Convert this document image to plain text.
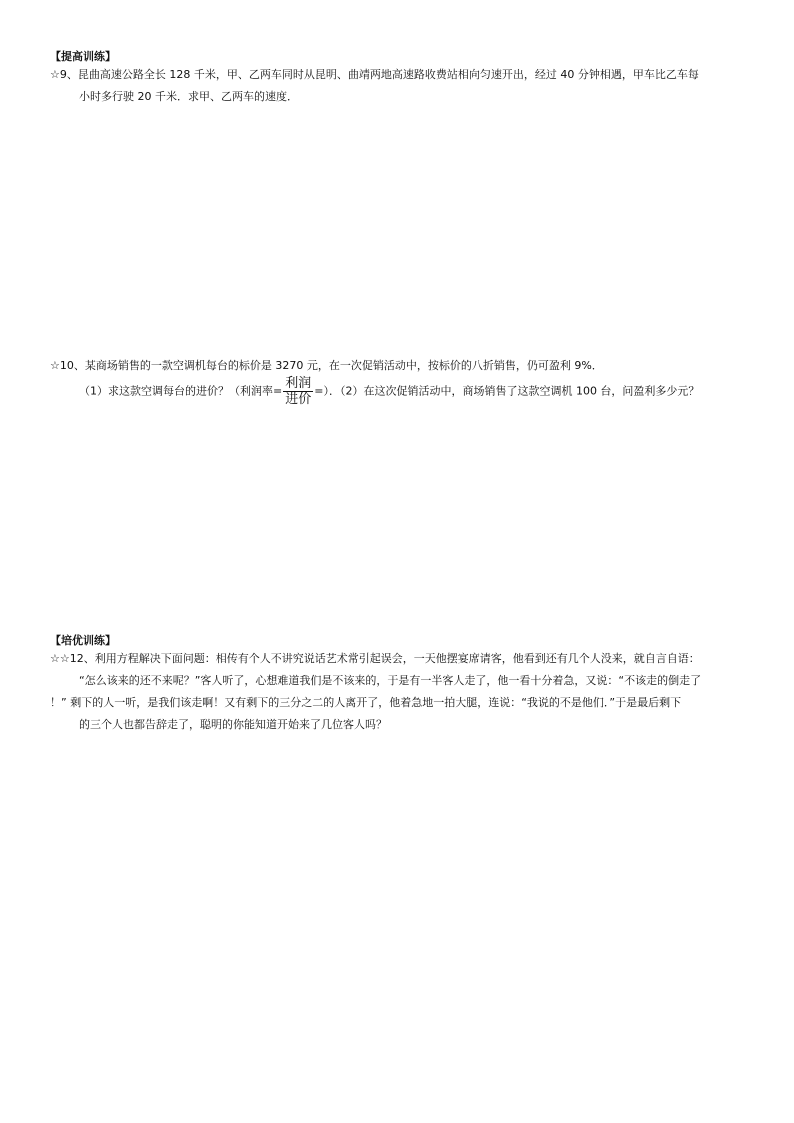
【提高训练】
☆9、昆曲高速公路全长 128 千米，甲、乙两车同时从昆明、曲靖两地高速路收费站相向匀速开出，经过 40 分钟相遇，甲车比乙车每
小时多行驶 20 千米．求甲、乙两车的速度．
☆10、某商场销售的一款空调机每台的标价是 3270 元，在一次促销活动中，按标价的八折销售，仍可盈利 9%．
（1）求这款空调每台的进价？（利润率= $\frac{\text{利润}}{\text{进价}}$ =）．（2）在这次促销活动中，商场销售了这款空调机 100 台，问盈利多少元？
【培优训练】
☆☆12、利用方程解决下面问题：相传有个人不讲究说话艺术常引起误会，一天他摆宴席请客，他看到还有几个人没来，就自言自语：
“怎么该来的还不来呢？”客人听了，心想难道我们是不该来的，于是有一半客人走了，他一看十分着急，又说：“不该走的倒走了
！” 剩下的人一听，是我们该走啊！又有剩下的三分之二的人离开了，他着急地一拍大腿，连说：“我说的不是他们．”于是最后剩下
的三个人也都告辞走了，聪明的你能知道开始来了几位客人吗？
